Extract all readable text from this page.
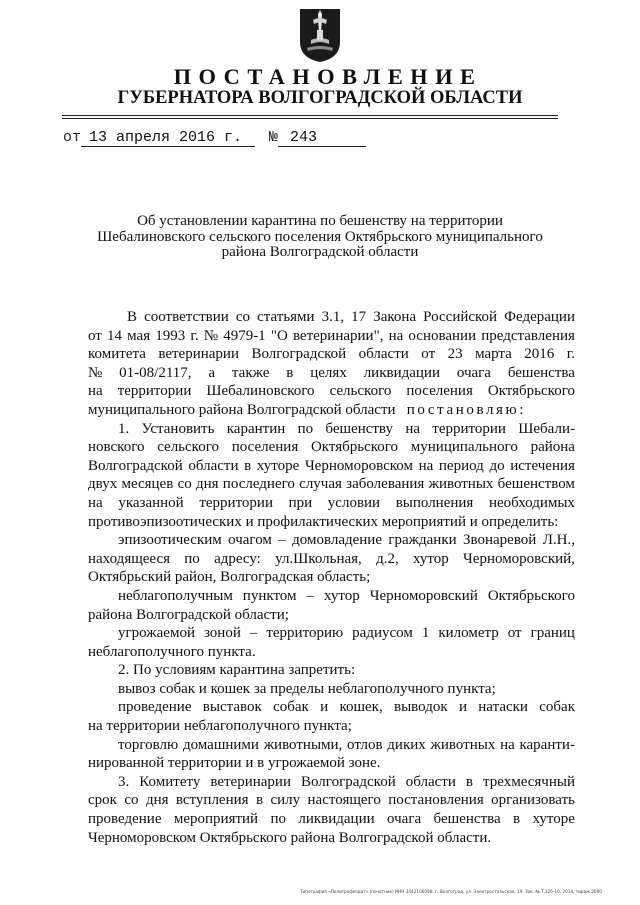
ПОСТАНОВЛЕНИЕ
ГУБЕРНАТОРА ВОЛГОГРАДСКОЙ ОБЛАСТИ
от 13 апреля 2016 г. № 243
Об установлении карантина по бешенству на территории
Шебалиновского сельского поселения Октябрьского муниципального
района Волгоградской области
В соответствии со статьями 3.1, 17 Закона Российской Федерации
от 14 мая 1993 г. № 4979-1 "О ветеринарии", на основании представления
комитета ветеринарии Волгоградской области от 23 марта 2016 г.
№ 01-08/2117, а также в целях ликвидации очага бешенства
на территории Шебалиновского сельского поселения Октябрьского
муниципального района Волгоградской области постановляю:
1. Установить карантин по бешенству на территории Шебали-
новского сельского поселения Октябрьского муниципального района
Волгоградской области в хуторе Черноморовском на период до истечения
двух месяцев со дня последнего случая заболевания животных бешенством
на указанной территории при условии выполнения необходимых
противоэпизоотических и профилактических мероприятий и определить:
эпизоотическим очагом – домовладение гражданки Звонаревой Л.Н.,
находящееся по адресу: ул.Школьная, д.2, хутор Черноморовский,
Октябрьский район, Волгоградская область;
неблагополучным пунктом – хутор Черноморовский Октябрьского
района Волгоградской области;
угрожаемой зоной – территорию радиусом 1 километр от границ
неблагополучного пункта.
2. По условиям карантина запретить:
вывоз собак и кошек за пределы неблагополучного пункта;
проведение выставок собак и кошек, выводок и натаски собак
на территории неблагополучного пункта;
торговлю домашними животными, отлов диких животных на каранти-
нированной территории и в угрожаемой зоне.
3. Комитету ветеринарии Волгоградской области в трехмесячный
срок со дня вступления в силу настоящего постановления организовать
проведение мероприятий по ликвидации очага бешенства в хуторе
Черноморовском Октябрьского района Волгоградской области.
Типография «Полиграфиздат» (печатник) ИНН 3442106098, г. Волгоград, ул. Электростальская, 19. Зак. № Т.326-10, 2014, тираж 2000
